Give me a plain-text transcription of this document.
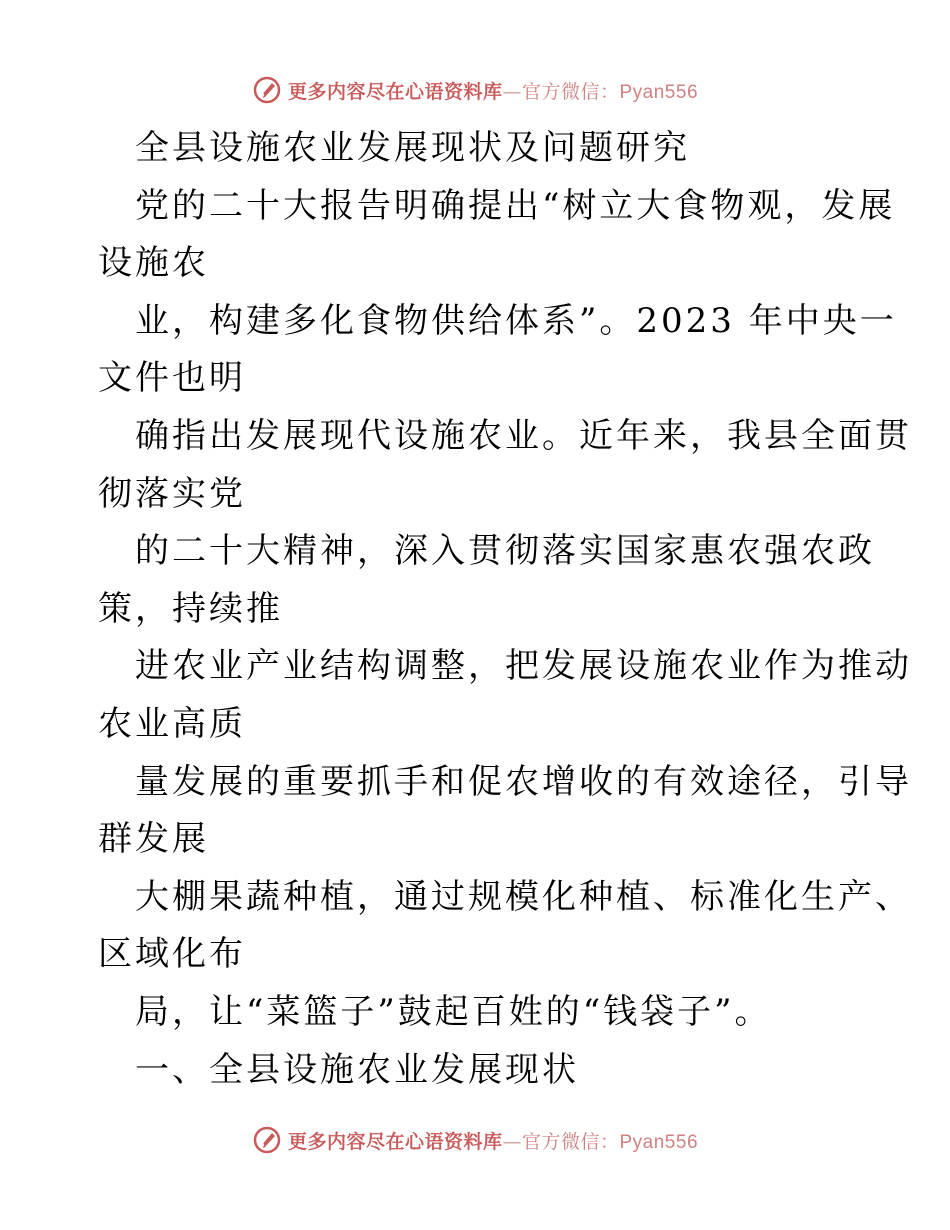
更多内容尽在心语资料库—官方微信：Pyan556
全县设施农业发展现状及问题研究
党的二十大报告明确提出“树立大食物观，发展
设施农
业，构建多化食物供给体系”。2023 年中央一
文件也明
确指出发展现代设施农业。近年来，我县全面贯
彻落实党
的二十大精神，深入贯彻落实国家惠农强农政
策，持续推
进农业产业结构调整，把发展设施农业作为推动
农业高质
量发展的重要抓手和促农增收的有效途径，引导
群发展
大棚果蔬种植，通过规模化种植、标准化生产、
区域化布
局，让“菜篮子”鼓起百姓的“钱袋子”。
一、全县设施农业发展现状
更多内容尽在心语资料库—官方微信：Pyan556
